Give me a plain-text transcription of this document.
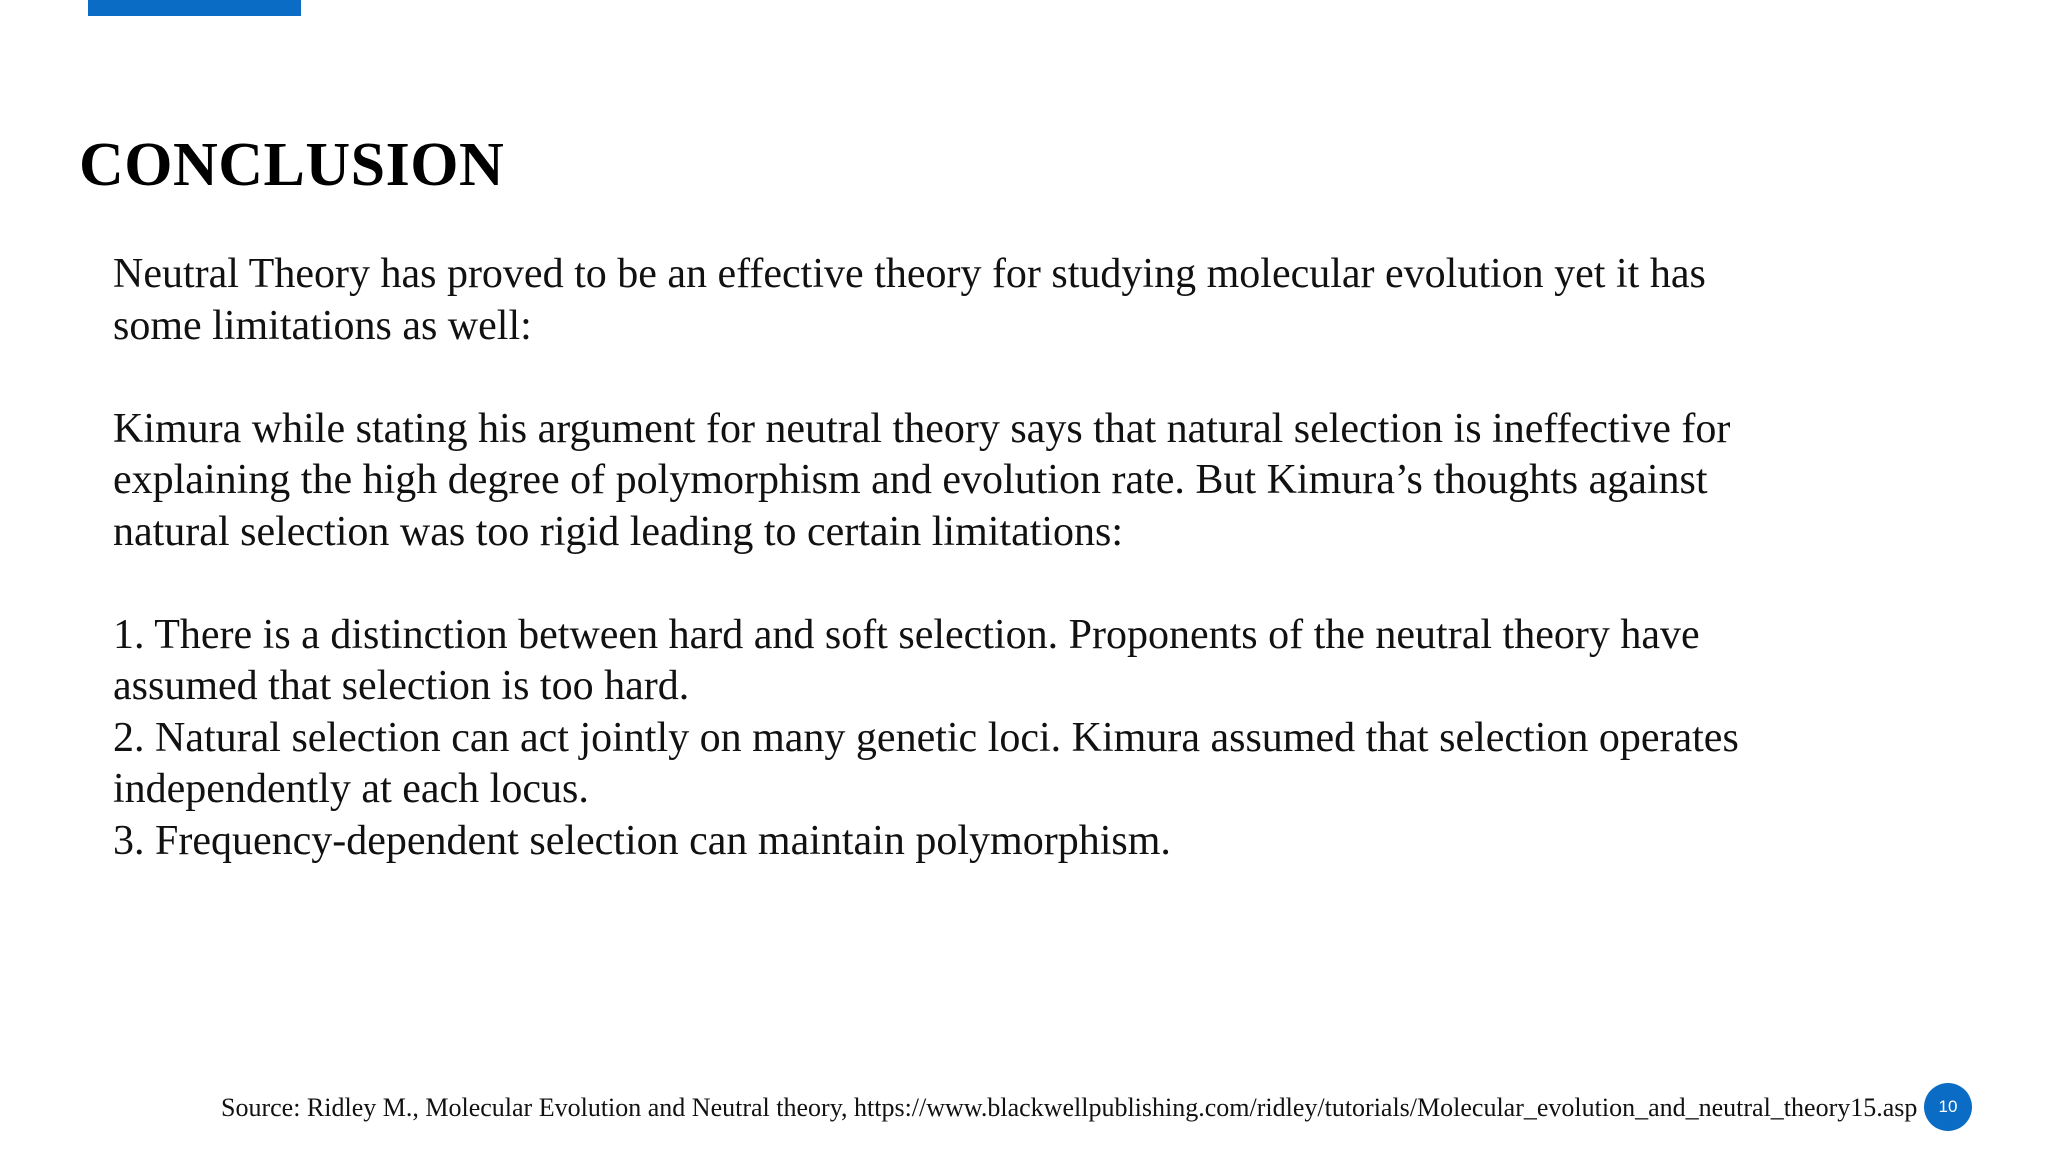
CONCLUSION

Neutral Theory has proved to be an effective theory for studying molecular evolution yet it has

some limitations as well:

Kimura while stating his argument for neutral theory says that natural selection is ineffective for

explaining the high degree of polymorphism and evolution rate. But Kimura’s thoughts against

natural selection was too rigid leading to certain limitations:

1. There is a distinction between hard and soft selection. Proponents of the neutral theory have

assumed that selection is too hard.

2. Natural selection can act jointly on many genetic loci. Kimura assumed that selection operates

independently at each locus.

3. Frequency-dependent selection can maintain polymorphism.

Source: Ridley M., Molecular Evolution and Neutral theory, https://www.blackwellpublishing.com/ridley/tutorials/Molecular_evolution_and_neutral_theory15.asp	10
